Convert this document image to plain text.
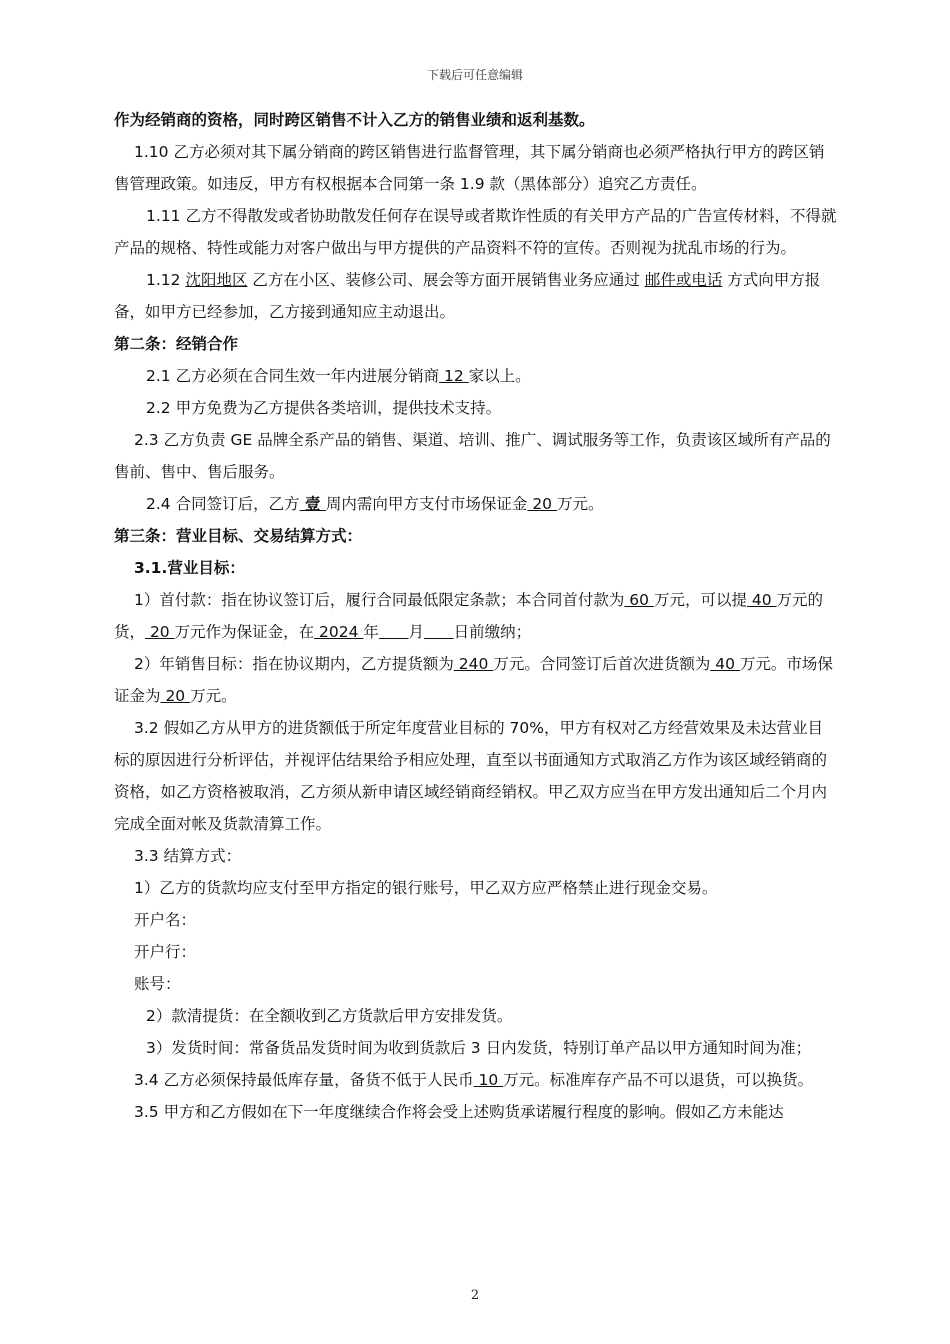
下载后可任意编辑

作为经销商的资格，同时跨区销售不计入乙方的销售业绩和返利基数。

1.10 乙方必须对其下属分销商的跨区销售进行监督管理，其下属分销商也必须严格执行甲方的跨区销售管理政策。如违反，甲方有权根据本合同第一条 1.9 款（黑体部分）追究乙方责任。

1.11 乙方不得散发或者协助散发任何存在误导或者欺诈性质的有关甲方产品的广告宣传材料，不得就产品的规格、特性或能力对客户做出与甲方提供的产品资料不符的宣传。否则视为扰乱市场的行为。

1.12 沈阳地区 乙方在小区、装修公司、展会等方面开展销售业务应通过 邮件或电话 方式向甲方报备，如甲方已经参加，乙方接到通知应主动退出。

第二条：经销合作

2.1 乙方必须在合同生效一年内进展分销商 12 家以上。

2.2 甲方免费为乙方提供各类培训，提供技术支持。

2.3 乙方负责 GE 品牌全系产品的销售、渠道、培训、推广、调试服务等工作，负责该区域所有产品的售前、售中、售后服务。

2.4 合同签订后，乙方 壹 周内需向甲方支付市场保证金 20 万元。

第三条：营业目标、交易结算方式：

3.1.营业目标：

1）首付款：指在协议签订后，履行合同最低限定条款；本合同首付款为 60 万元，可以提 40 万元的货， 20 万元作为保证金，在 2024 年 月 日前缴纳；

2）年销售目标：指在协议期内，乙方提货额为 240 万元。合同签订后首次进货额为 40 万元。市场保证金为 20 万元。

3.2 假如乙方从甲方的进货额低于所定年度营业目标的 70%，甲方有权对乙方经营效果及未达营业目标的原因进行分析评估，并视评估结果给予相应处理，直至以书面通知方式取消乙方作为该区域经销商的资格，如乙方资格被取消，乙方须从新申请区域经销商经销权。甲乙双方应当在甲方发出通知后二个月内完成全面对帐及货款清算工作。

3.3 结算方式：

1）乙方的货款均应支付至甲方指定的银行账号，甲乙双方应严格禁止进行现金交易。

开户名：

开户行：

账号：

2）款清提货：在全额收到乙方货款后甲方安排发货。

3）发货时间：常备货品发货时间为收到货款后 3 日内发货，特别订单产品以甲方通知时间为准；

3.4 乙方必须保持最低库存量，备货不低于人民币 10 万元。标准库存产品不可以退货，可以换货。

3.5 甲方和乙方假如在下一年度继续合作将会受上述购货承诺履行程度的影响。假如乙方未能达

2
